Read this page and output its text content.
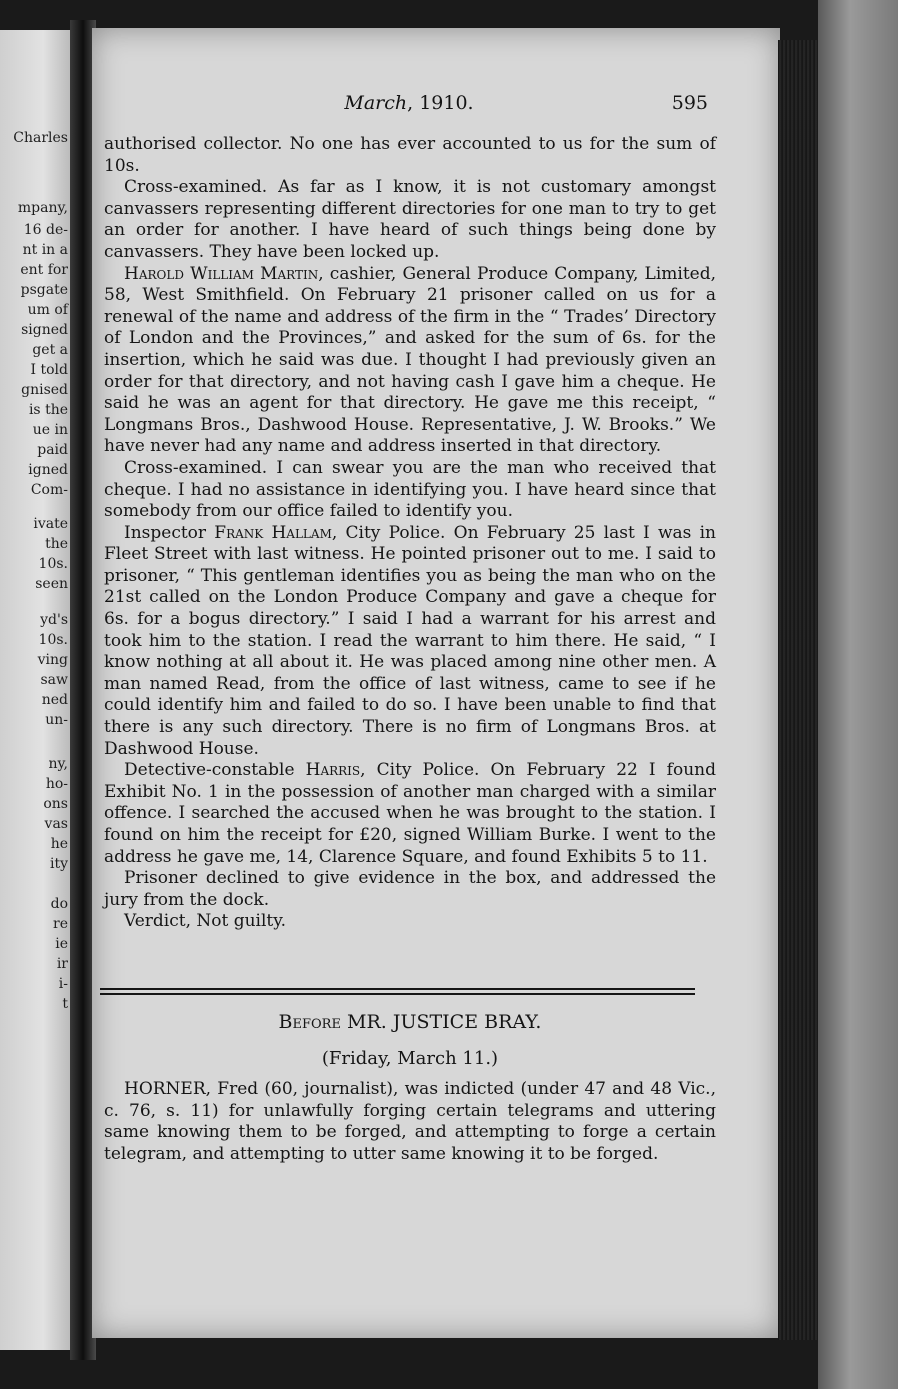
Charles
mpany,
16 de-
nt in a
ent for
psgate
um of
signed
get a
I told
gnised
is the
ue in
paid
igned
Com-
ivate
the
10s.
seen
yd's
10s.
ving
saw
ned
un-
ny,
ho-
ons
vas
he
ity
do
re
ie
ir
i-
t
March, 1910.	595

authorised collector. No one has ever accounted to us for the sum of 10s.

Cross-examined. As far as I know, it is not customary amongst canvassers representing different directories for one man to try to get an order for another. I have heard of such things being done by canvassers. They have been locked up.

Harold William Martin, cashier, General Produce Company, Limited, 58, West Smithfield. On February 21 prisoner called on us for a renewal of the name and address of the firm in the “ Trades’ Directory of London and the Provinces,” and asked for the sum of 6s. for the insertion, which he said was due. I thought I had previously given an order for that directory, and not having cash I gave him a cheque. He said he was an agent for that directory. He gave me this receipt, “ Longmans Bros., Dashwood House. Representative, J. W. Brooks.” We have never had any name and address inserted in that directory.

Cross-examined. I can swear you are the man who received that cheque. I had no assistance in identifying you. I have heard since that somebody from our office failed to identify you.

Inspector Frank Hallam, City Police. On February 25 last I was in Fleet Street with last witness. He pointed prisoner out to me. I said to prisoner, “ This gentleman identifies you as being the man who on the 21st called on the London Produce Company and gave a cheque for 6s. for a bogus directory.” I said I had a warrant for his arrest and took him to the station. I read the warrant to him there. He said, “ I know nothing at all about it. He was placed among nine other men. A man named Read, from the office of last witness, came to see if he could identify him and failed to do so. I have been unable to find that there is any such directory. There is no firm of Longmans Bros. at Dashwood House.

Detective-constable Harris, City Police. On February 22 I found Exhibit No. 1 in the possession of another man charged with a similar offence. I searched the accused when he was brought to the station. I found on him the receipt for £20, signed William Burke. I went to the address he gave me, 14, Clarence Square, and found Exhibits 5 to 11.

Prisoner declined to give evidence in the box, and addressed the jury from the dock.

Verdict, Not guilty.

Before MR. JUSTICE BRAY.

(Friday, March 11.)

HORNER, Fred (60, journalist), was indicted (under 47 and 48 Vic., c. 76, s. 11) for unlawfully forging certain telegrams and uttering same knowing them to be forged, and attempting to forge a certain telegram, and attempting to utter same knowing it to be forged.
